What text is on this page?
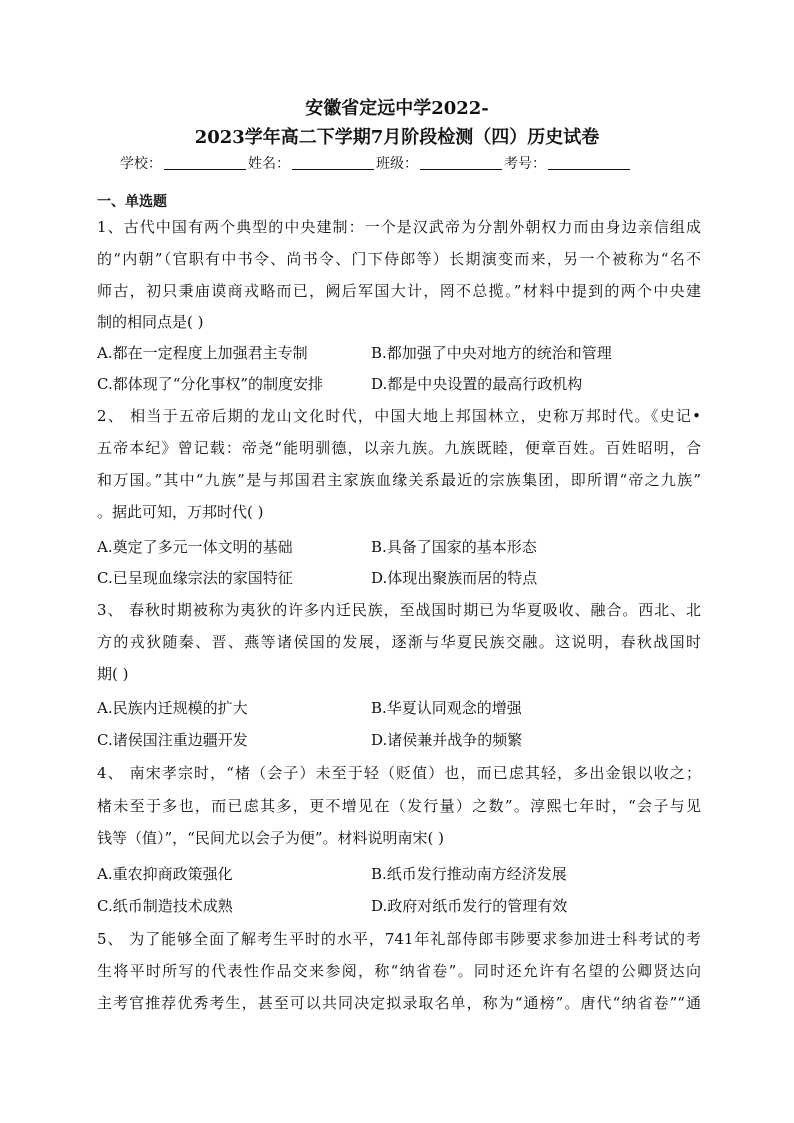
安徽省定远中学2022-
2023学年高二下学期7月阶段检测（四）历史试卷
学校：	姓名：	班级：	考号：
一、单选题
1、古代中国有两个典型的中央建制：一个是汉武帝为分割外朝权力而由身边亲信组成
的“内朝”（官职有中书令、尚书令、门下侍郎等）长期演变而来，另一个被称为“名不
师古，初只秉庙谟商戎略而已，阙后军国大计，罔不总揽。”材料中提到的两个中央建
制的相同点是( )
A.都在一定程度上加强君主专制	B.都加强了中央对地方的统治和管理
C.都体现了“分化事权”的制度安排	D.都是中央设置的最高行政机构
2、 相当于五帝后期的龙山文化时代，中国大地上邦国林立，史称万邦时代。《史记•
五帝本纪》曾记载：帝尧“能明驯德，以亲九族。九族既睦，便章百姓。百姓昭明，合
和万国。”其中“九族”是与邦国君主家族血缘关系最近的宗族集团，即所谓“帝之九族”
。据此可知，万邦时代( )
A.奠定了多元一体文明的基础	B.具备了国家的基本形态
C.已呈现血缘宗法的家国特征	D.体现出聚族而居的特点
3、 春秋时期被称为夷狄的许多内迁民族，至战国时期已为华夏吸收、融合。西北、北
方的戎狄随秦、晋、燕等诸侯国的发展，逐渐与华夏民族交融。这说明，春秋战国时
期( )
A.民族内迁规模的扩大	B.华夏认同观念的增强
C.诸侯国注重边疆开发	D.诸侯兼并战争的频繁
4、 南宋孝宗时，“楮（会子）未至于轻（贬值）也，而已虑其轻，多出金银以收之；
楮未至于多也，而已虑其多，更不增见在（发行量）之数”。淳熙七年时，“会子与见
钱等（值）”，“民间尤以会子为便”。材料说明南宋( )
A.重农抑商政策强化	B.纸币发行推动南方经济发展
C.纸币制造技术成熟	D.政府对纸币发行的管理有效
5、 为了能够全面了解考生平时的水平，741年礼部侍郎韦陟要求参加进士科考试的考
生将平时所写的代表性作品交来参阅，称“纳省卷”。同时还允许有名望的公卿贤达向
主考官推荐优秀考生，甚至可以共同决定拟录取名单，称为“通榜”。唐代“纳省卷”“通
